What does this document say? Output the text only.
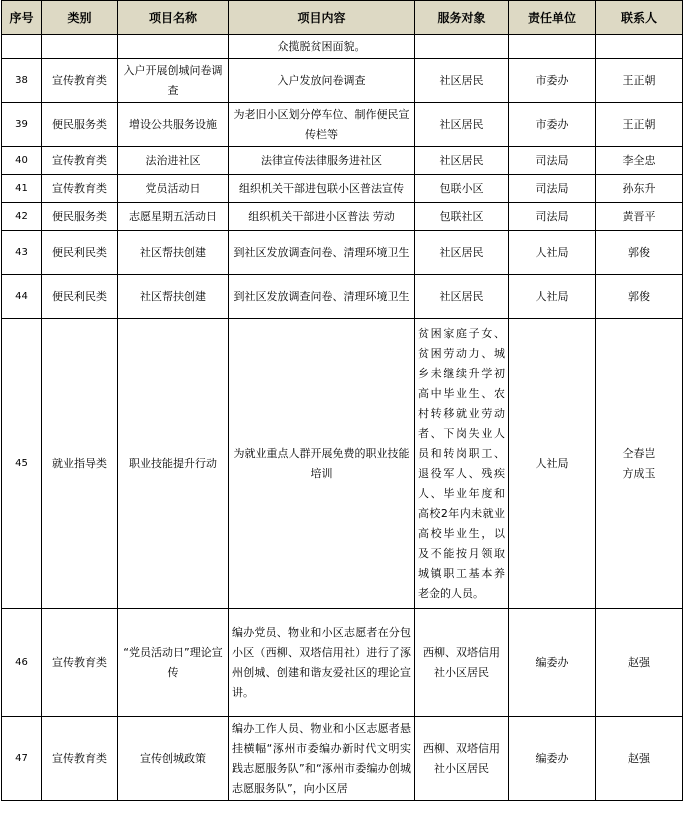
序号	类别	项目名称	项目内容	服务对象	责任单位	联系人
			众揽脱贫困面貌。			
38	宣传教育类	入户开展创城问卷调查	入户发放问卷调查	社区居民	市委办	王正朝
39	便民服务类	增设公共服务设施	为老旧小区划分停车位、制作便民宣传栏等	社区居民	市委办	王正朝
40	宣传教育类	法治进社区	法律宣传法律服务进社区	社区居民	司法局	李全忠
41	宣传教育类	党员活动日	组织机关干部进包联小区普法宣传	包联小区	司法局	孙东升
42	便民服务类	志愿星期五活动日	组织机关干部进小区普法 劳动	包联社区	司法局	黄晋平
43	便民利民类	社区帮扶创建	到社区发放调查问卷、清理环境卫生	社区居民	人社局	郭俊
44	便民利民类	社区帮扶创建	到社区发放调查问卷、清理环境卫生	社区居民	人社局	郭俊
45	就业指导类	职业技能提升行动	为就业重点人群开展免费的职业技能培训	贫困家庭子女、贫困劳动力、城乡未继续升学初高中毕业生、农村转移就业劳动者、下岗失业人员和转岗职工、退役军人、残疾人、毕业年度和高校2年内未就业高校毕业生，以及不能按月领取城镇职工基本养老金的人员。	人社局	仝春岂
方成玉
46	宣传教育类	“党员活动日”理论宣传	编办党员、物业和小区志愿者在分包小区（西柳、双塔信用社）进行了涿州创城、创建和谐友爱社区的理论宣讲。	西柳、双塔信用社小区居民	编委办	赵强
47	宣传教育类	宣传创城政策	编办工作人员、物业和小区志愿者悬挂横幅“涿州市委编办新时代文明实践志愿服务队”和“涿州市委编办创城志愿服务队”，向小区居	西柳、双塔信用社小区居民	编委办	赵强
